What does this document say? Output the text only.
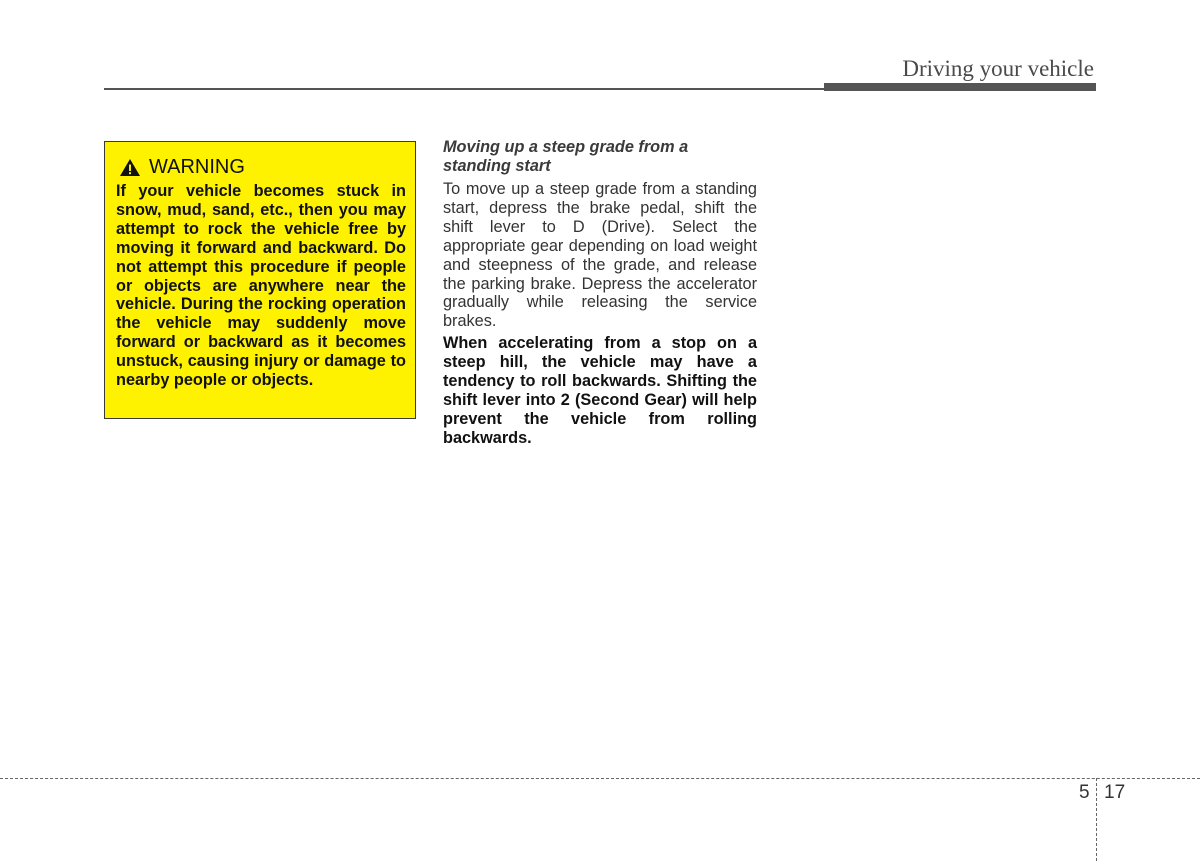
Driving your vehicle
WARNING
If your vehicle becomes stuck in snow, mud, sand, etc., then you may attempt to rock the vehicle free by moving it forward and backward. Do not attempt this procedure if people or objects are anywhere near the vehicle. During the rocking operation the vehicle may suddenly move forward or backward as it becomes unstuck, causing injury or damage to nearby people or objects.

Moving up a steep grade from a standing start

To move up a steep grade from a standing start, depress the brake pedal, shift the shift lever to D (Drive). Select the appropriate gear depending on load weight and steepness of the grade, and release the parking brake. Depress the accelerator gradually while releasing the service brakes.

When accelerating from a stop on a steep hill, the vehicle may have a tendency to roll backwards. Shifting the shift lever into 2 (Second Gear) will help prevent the vehicle from rolling backwards.

5 17
